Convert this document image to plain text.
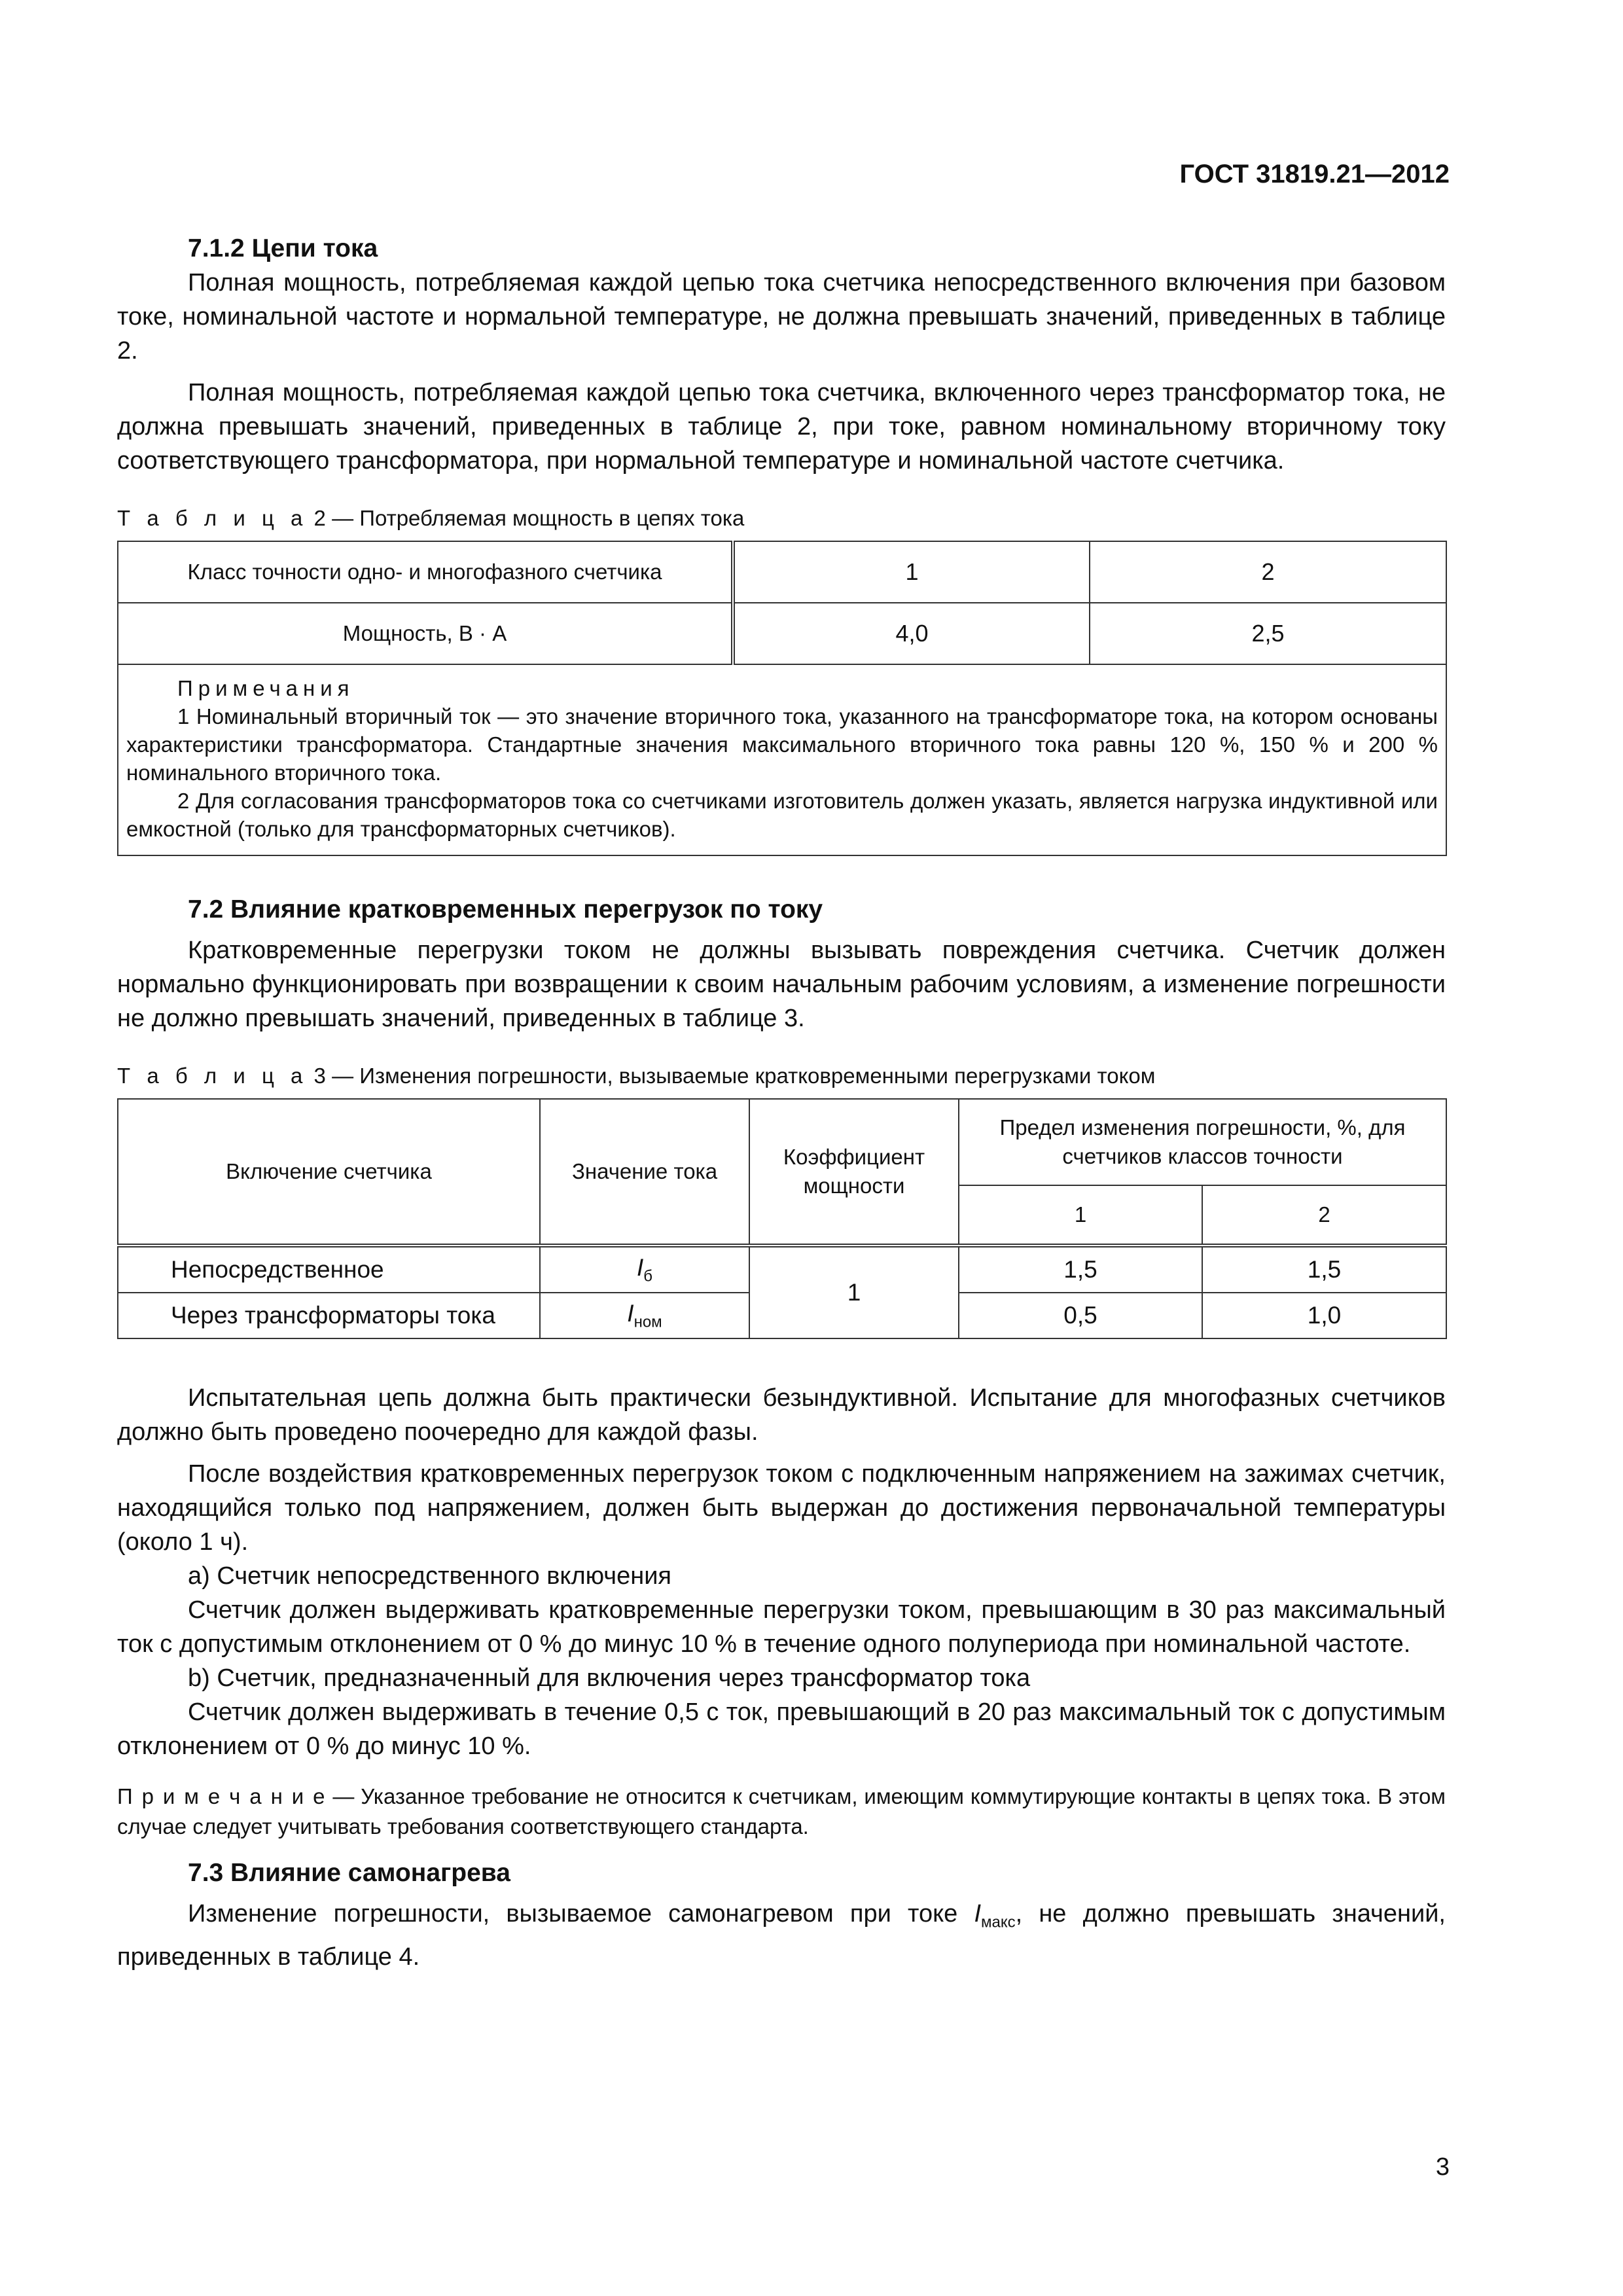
ГОСТ 31819.21—2012
7.1.2 Цепи тока

Полная мощность, потребляемая каждой цепью тока счетчика непосредственного включения при базовом токе, номинальной частоте и нормальной температуре, не должна превышать значений, приведенных в таблице 2.

Полная мощность, потребляемая каждой цепью тока счетчика, включенного через трансформатор тока, не должна превышать значений, приведенных в таблице 2, при токе, равном номинальному вторичному току соответствующего трансформатора, при нормальной температуре и номинальной частоте счетчика.

Т а б л и ц а 2 — Потребляемая мощность в цепях тока
Класс точности одно- и многофазного счетчика	1	2
Мощность, В · А	4,0	2,5

Примечания
1 Номинальный вторичный ток — это значение вторичного тока, указанного на трансформаторе тока, на котором основаны характеристики трансформатора. Стандартные значения максимального вторичного тока равны 120 %, 150 % и 200 % номинального вторичного тока.
2 Для согласования трансформаторов тока со счетчиками изготовитель должен указать, является нагрузка индуктивной или емкостной (только для трансформаторных счетчиков).		
7.2 Влияние кратковременных перегрузок по току

Кратковременные перегрузки током не должны вызывать повреждения счетчика. Счетчик должен нормально функционировать при возвращении к своим начальным рабочим условиям, а изменение погрешности не должно превышать значений, приведенных в таблице 3.

Т а б л и ц а 3 — Изменения погрешности, вызываемые кратковременными перегрузками током
Включение счетчика	Значение тока	Коэффициент мощности	Предел изменения погрешности, %, для счетчиков классов точности	
			1	2
Непосредственное	$I_б$	1	1,5	1,5
Через трансформаторы тока	$I_{ном}$		0,5	1,0

Испытательная цепь должна быть практически безындуктивной. Испытание для многофазных счетчиков должно быть проведено поочередно для каждой фазы.

После воздействия кратковременных перегрузок током с подключенным напряжением на зажимах счетчик, находящийся только под напряжением, должен быть выдержан до достижения первоначальной температуры (около 1 ч).

a) Счетчик непосредственного включения

Счетчик должен выдерживать кратковременные перегрузки током, превышающим в 30 раз максимальный ток с допустимым отклонением от 0 % до минус 10 % в течение одного полупериода при номинальной частоте.

b) Счетчик, предназначенный для включения через трансформатор тока

Счетчик должен выдерживать в течение 0,5 с ток, превышающий в 20 раз максимальный ток с допустимым отклонением от 0 % до минус 10 %.

П р и м е ч а н и е — Указанное требование не относится к счетчикам, имеющим коммутирующие контакты в цепях тока. В этом случае следует учитывать требования соответствующего стандарта.
7.3 Влияние самонагрева

Изменение погрешности, вызываемое самонагревом при токе $I_{макс}$, не должно превышать значений, приведенных в таблице 4.

3
